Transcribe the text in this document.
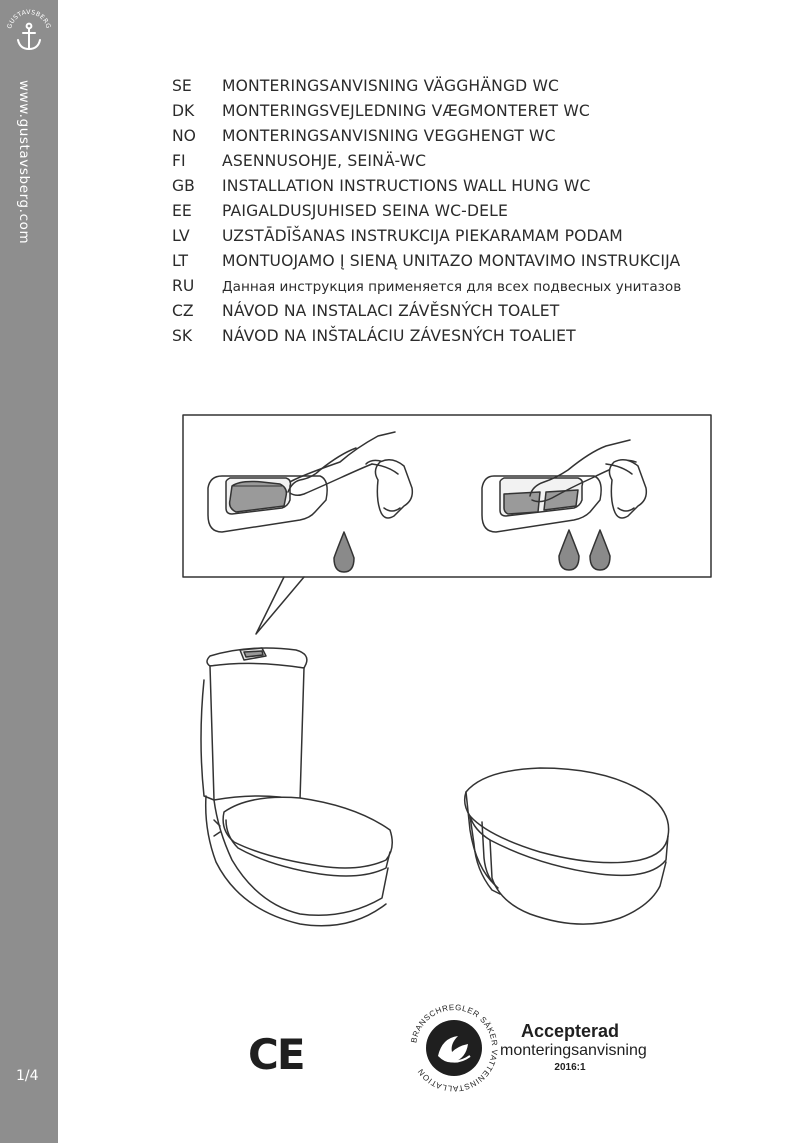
GUSTAVSBERG
www.gustavsberg.com
1/4
SE	MONTERINGSANVISNING VÄGGHÄNGD WC
DK	MONTERINGSVEJLEDNING VÆGMONTERET WC
NO	MONTERINGSANVISNING VEGGHENGT WC
FI	ASENNUSOHJE, SEINÄ-WC
GB	INSTALLATION INSTRUCTIONS WALL HUNG WC
EE	PAIGALDUSJUHISED SEINA WC-DELE
LV	UZSTĀDĪŠANAS INSTRUKCIJA PIEKARAMAM PODAM
LT	MONTUOJAMO Į SIENĄ UNITAZO MONTAVIMO INSTRUKCIJA
RU	Данная инструкция применяется для всех подвесных унитазов
CZ	NÁVOD NA INSTALACI ZÁVĚSNÝCH TOALET
SK	NÁVOD NA INŠTALÁCIU ZÁVESNÝCH TOALIET
CE	BRANSCHREGLER SÄKER VATTENINSTALLATION
Accepterad
monteringsanvisning
2016:1
